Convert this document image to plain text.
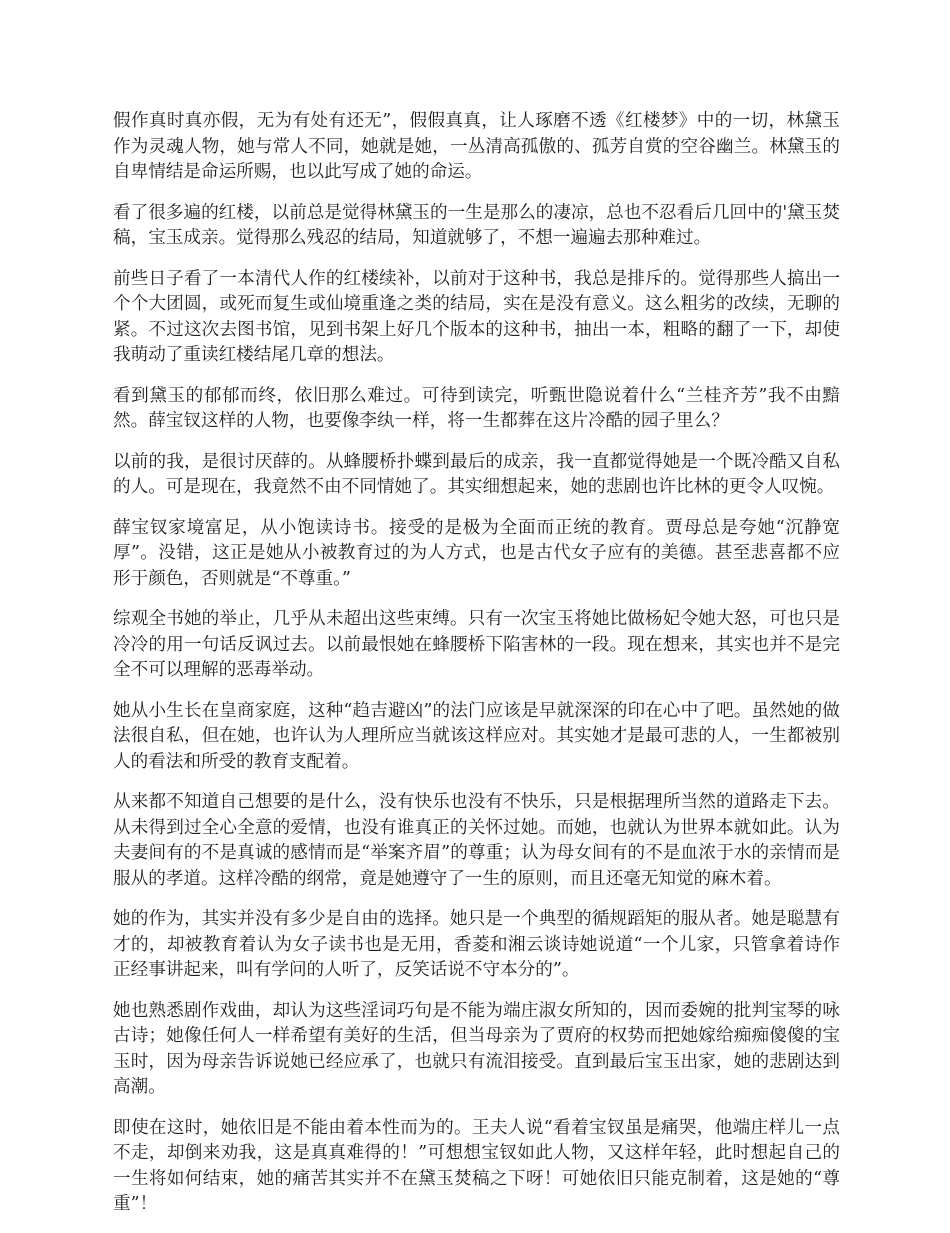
假作真时真亦假，无为有处有还无”，假假真真，让人琢磨不透《红楼梦》中的一切，林黛玉作为灵魂人物，她与常人不同，她就是她，一丛清高孤傲的、孤芳自赏的空谷幽兰。林黛玉的自卑情结是命运所赐，也以此写成了她的命运。

看了很多遍的红楼，以前总是觉得林黛玉的一生是那么的凄凉，总也不忍看后几回中的'黛玉焚稿，宝玉成亲。觉得那么残忍的结局，知道就够了，不想一遍遍去那种难过。

前些日子看了一本清代人作的红楼续补，以前对于这种书，我总是排斥的。觉得那些人搞出一个个大团圆，或死而复生或仙境重逢之类的结局，实在是没有意义。这么粗劣的改续，无聊的紧。不过这次去图书馆，见到书架上好几个版本的这种书，抽出一本，粗略的翻了一下，却使我萌动了重读红楼结尾几章的想法。

看到黛玉的郁郁而终，依旧那么难过。可待到读完，听甄世隐说着什么“兰桂齐芳”我不由黯然。薛宝钗这样的人物，也要像李纨一样，将一生都葬在这片冷酷的园子里么？

以前的我，是很讨厌薛的。从蜂腰桥扑蝶到最后的成亲，我一直都觉得她是一个既冷酷又自私的人。可是现在，我竟然不由不同情她了。其实细想起来，她的悲剧也许比林的更令人叹惋。

薛宝钗家境富足，从小饱读诗书。接受的是极为全面而正统的教育。贾母总是夸她“沉静宽厚”。没错，这正是她从小被教育过的为人方式，也是古代女子应有的美德。甚至悲喜都不应形于颜色，否则就是“不尊重。”

综观全书她的举止，几乎从未超出这些束缚。只有一次宝玉将她比做杨妃令她大怒，可也只是冷冷的用一句话反讽过去。以前最恨她在蜂腰桥下陷害林的一段。现在想来，其实也并不是完全不可以理解的恶毒举动。

她从小生长在皇商家庭，这种“趋吉避凶”的法门应该是早就深深的印在心中了吧。虽然她的做法很自私，但在她，也许认为人理所应当就该这样应对。其实她才是最可悲的人，一生都被别人的看法和所受的教育支配着。

从来都不知道自己想要的是什么，没有快乐也没有不快乐，只是根据理所当然的道路走下去。从未得到过全心全意的爱情，也没有谁真正的关怀过她。而她，也就认为世界本就如此。认为夫妻间有的不是真诚的感情而是“举案齐眉”的尊重；认为母女间有的不是血浓于水的亲情而是服从的孝道。这样冷酷的纲常，竟是她遵守了一生的原则，而且还毫无知觉的麻木着。

她的作为，其实并没有多少是自由的选择。她只是一个典型的循规蹈矩的服从者。她是聪慧有才的，却被教育着认为女子读书也是无用，香菱和湘云谈诗她说道“一个儿家，只管拿着诗作正经事讲起来，叫有学问的人听了，反笑话说不守本分的”。

她也熟悉剧作戏曲，却认为这些淫词巧句是不能为端庄淑女所知的，因而委婉的批判宝琴的咏古诗；她像任何人一样希望有美好的生活，但当母亲为了贾府的权势而把她嫁给痴痴傻傻的宝玉时，因为母亲告诉说她已经应承了，也就只有流泪接受。直到最后宝玉出家，她的悲剧达到高潮。

即使在这时，她依旧是不能由着本性而为的。王夫人说“看着宝钗虽是痛哭，他端庄样儿一点不走，却倒来劝我，这是真真难得的！”可想想宝钗如此人物，又这样年轻，此时想起自己的一生将如何结束，她的痛苦其实并不在黛玉焚稿之下呀！可她依旧只能克制着，这是她的“尊重”！
